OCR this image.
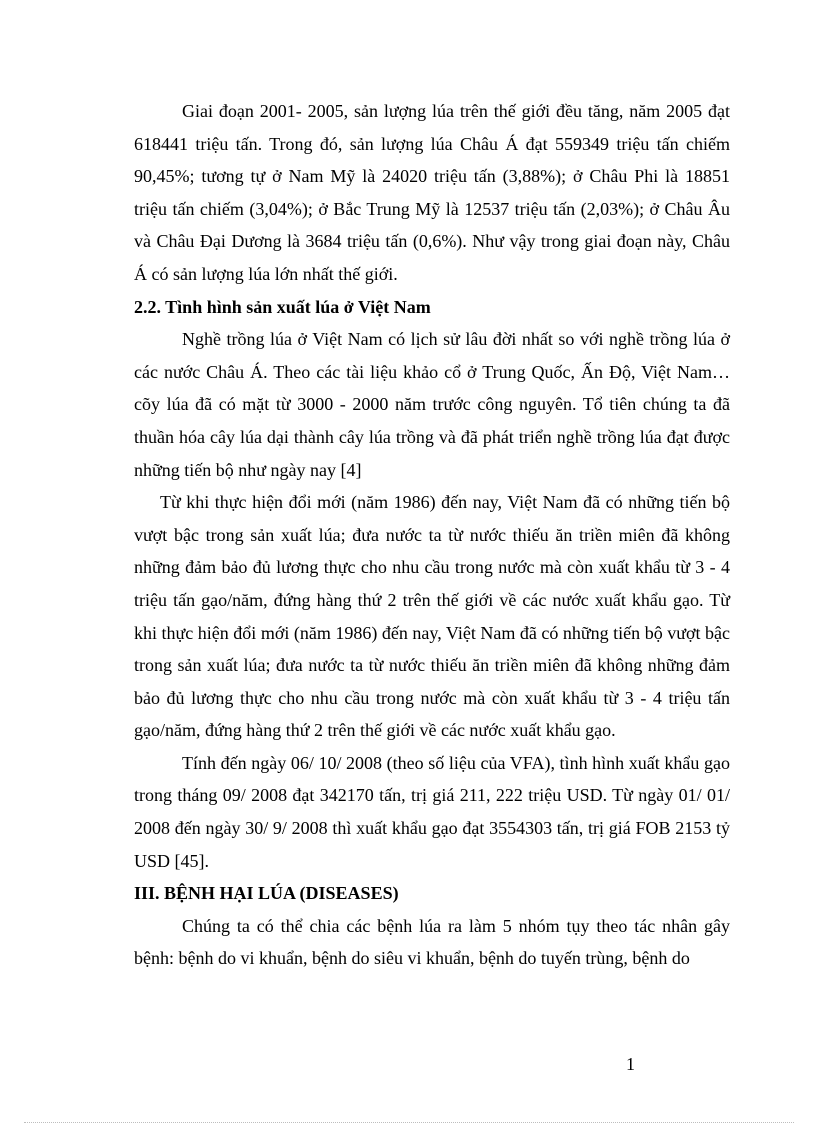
Giai đoạn 2001- 2005, sản lượng lúa trên thế giới đều tăng, năm 2005 đạt 618441 triệu tấn. Trong đó, sản lượng lúa Châu Á đạt 559349 triệu tấn chiếm 90,45%; tương tự ở Nam Mỹ là 24020 triệu tấn (3,88%); ở Châu Phi là 18851 triệu tấn chiếm (3,04%); ở Bắc Trung Mỹ là 12537 triệu tấn (2,03%); ở Châu Âu và Châu Đại Dương là 3684 triệu tấn (0,6%). Như vậy trong giai đoạn này, Châu Á có sản lượng lúa lớn nhất thế giới.

2.2. Tình hình sản xuất lúa ở Việt Nam

Nghề trồng lúa ở Việt Nam có lịch sử lâu đời nhất so với nghề trồng lúa ở các nước Châu Á. Theo các tài liệu khảo cổ ở Trung Quốc, Ấn Độ, Việt Nam…cõy lúa đã có mặt từ 3000 - 2000 năm trước công nguyên. Tổ tiên chúng ta đã thuần hóa cây lúa dại thành cây lúa trồng và đã phát triển nghề trồng lúa đạt được những tiến bộ như ngày nay [4]

Từ khi thực hiện đổi mới (năm 1986) đến nay, Việt Nam đã có những tiến bộ vượt bậc trong sản xuất lúa; đưa nước ta từ nước thiếu ăn triền miên đã không những đảm bảo đủ lương thực cho nhu cầu trong nước mà còn xuất khẩu từ 3 - 4 triệu tấn gạo/năm, đứng hàng thứ 2 trên thế giới về các nước xuất khẩu gạo. Từ khi thực hiện đổi mới (năm 1986) đến nay, Việt Nam đã có những tiến bộ vượt bậc trong sản xuất lúa; đưa nước ta từ nước thiếu ăn triền miên đã không những đảm bảo đủ lương thực cho nhu cầu trong nước mà còn xuất khẩu từ 3 - 4 triệu tấn gạo/năm, đứng hàng thứ 2 trên thế giới về các nước xuất khẩu gạo.

Tính đến ngày 06/ 10/ 2008 (theo số liệu của VFA), tình hình xuất khẩu gạo trong tháng 09/ 2008 đạt 342170 tấn, trị giá 211, 222 triệu USD. Từ ngày 01/ 01/ 2008 đến ngày 30/ 9/ 2008 thì xuất khẩu gạo đạt 3554303 tấn, trị giá FOB 2153 tỷ USD [45].

III. BỆNH HẠI LÚA (DISEASES)

Chúng ta có thể chia các bệnh lúa ra làm 5 nhóm tụy theo tác nhân gây bệnh: bệnh do vi khuẩn, bệnh do siêu vi khuẩn, bệnh do tuyến trùng, bệnh do

1
